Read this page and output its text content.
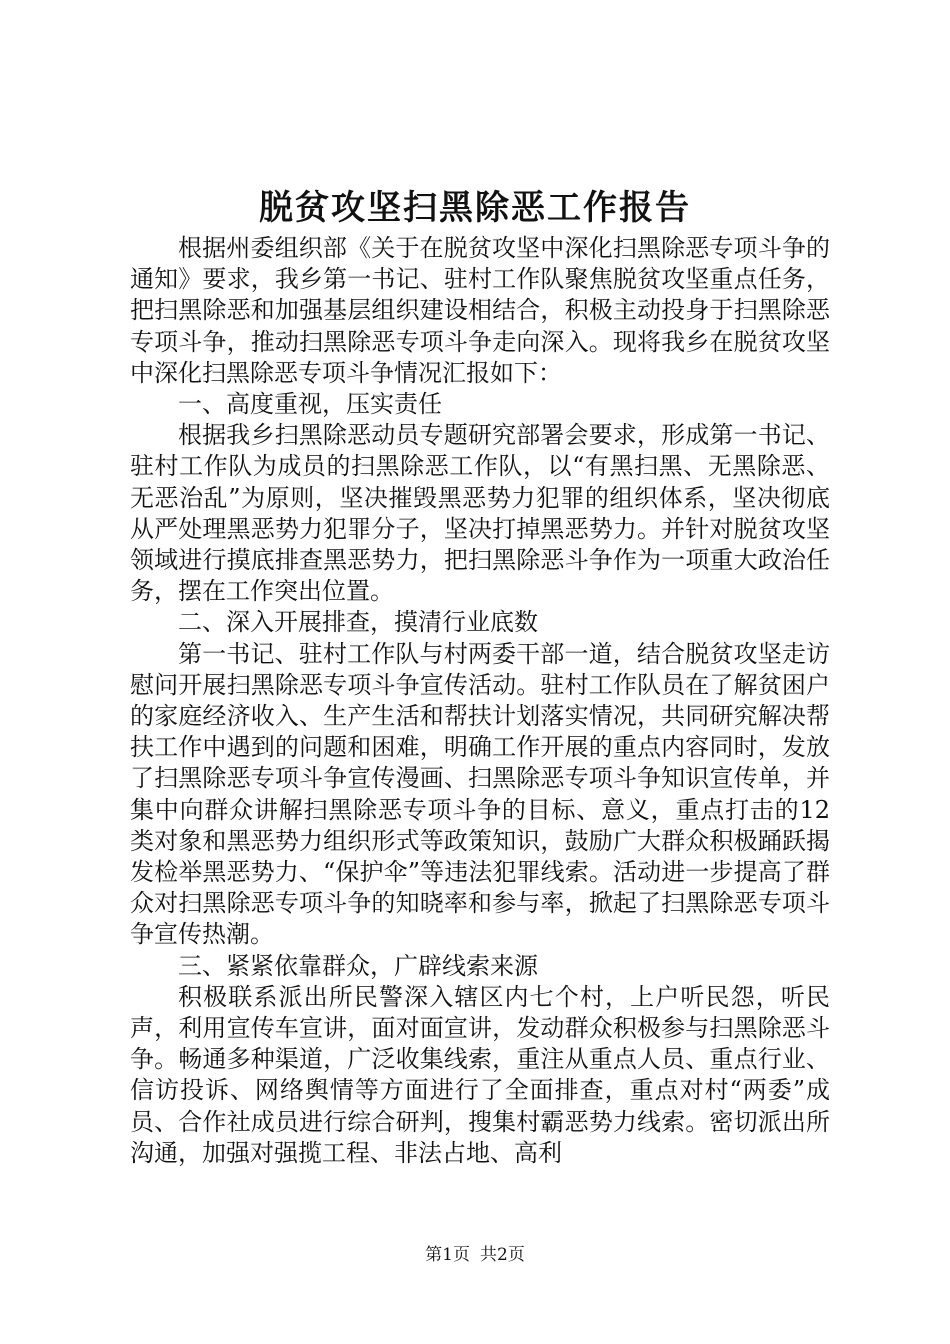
脱贫攻坚扫黑除恶工作报告

根据州委组织部《关于在脱贫攻坚中深化扫黑除恶专项斗争的通知》要求，我乡第一书记、驻村工作队聚焦脱贫攻坚重点任务，把扫黑除恶和加强基层组织建设相结合，积极主动投身于扫黑除恶专项斗争，推动扫黑除恶专项斗争走向深入。现将我乡在脱贫攻坚中深化扫黑除恶专项斗争情况汇报如下：

一、高度重视，压实责任

根据我乡扫黑除恶动员专题研究部署会要求，形成第一书记、驻村工作队为成员的扫黑除恶工作队，以“有黑扫黑、无黑除恶、无恶治乱”为原则，坚决摧毁黑恶势力犯罪的组织体系，坚决彻底从严处理黑恶势力犯罪分子，坚决打掉黑恶势力。并针对脱贫攻坚领域进行摸底排查黑恶势力，把扫黑除恶斗争作为一项重大政治任务，摆在工作突出位置。

二、深入开展排查，摸清行业底数

第一书记、驻村工作队与村两委干部一道，结合脱贫攻坚走访慰问开展扫黑除恶专项斗争宣传活动。驻村工作队员在了解贫困户的家庭经济收入、生产生活和帮扶计划落实情况，共同研究解决帮扶工作中遇到的问题和困难，明确工作开展的重点内容同时，发放了扫黑除恶专项斗争宣传漫画、扫黑除恶专项斗争知识宣传单，并集中向群众讲解扫黑除恶专项斗争的目标、意义，重点打击的12类对象和黑恶势力组织形式等政策知识，鼓励广大群众积极踊跃揭发检举黑恶势力、“保护伞”等违法犯罪线索。活动进一步提高了群众对扫黑除恶专项斗争的知晓率和参与率，掀起了扫黑除恶专项斗争宣传热潮。

三、紧紧依靠群众，广辟线索来源

积极联系派出所民警深入辖区内七个村，上户听民怨，听民声，利用宣传车宣讲，面对面宣讲，发动群众积极参与扫黑除恶斗争。畅通多种渠道，广泛收集线索，重注从重点人员、重点行业、信访投诉、网络舆情等方面进行了全面排查，重点对村“两委”成员、合作社成员进行综合研判，搜集村霸恶势力线索。密切派出所沟通，加强对强揽工程、非法占地、高利

第1页 共2页
